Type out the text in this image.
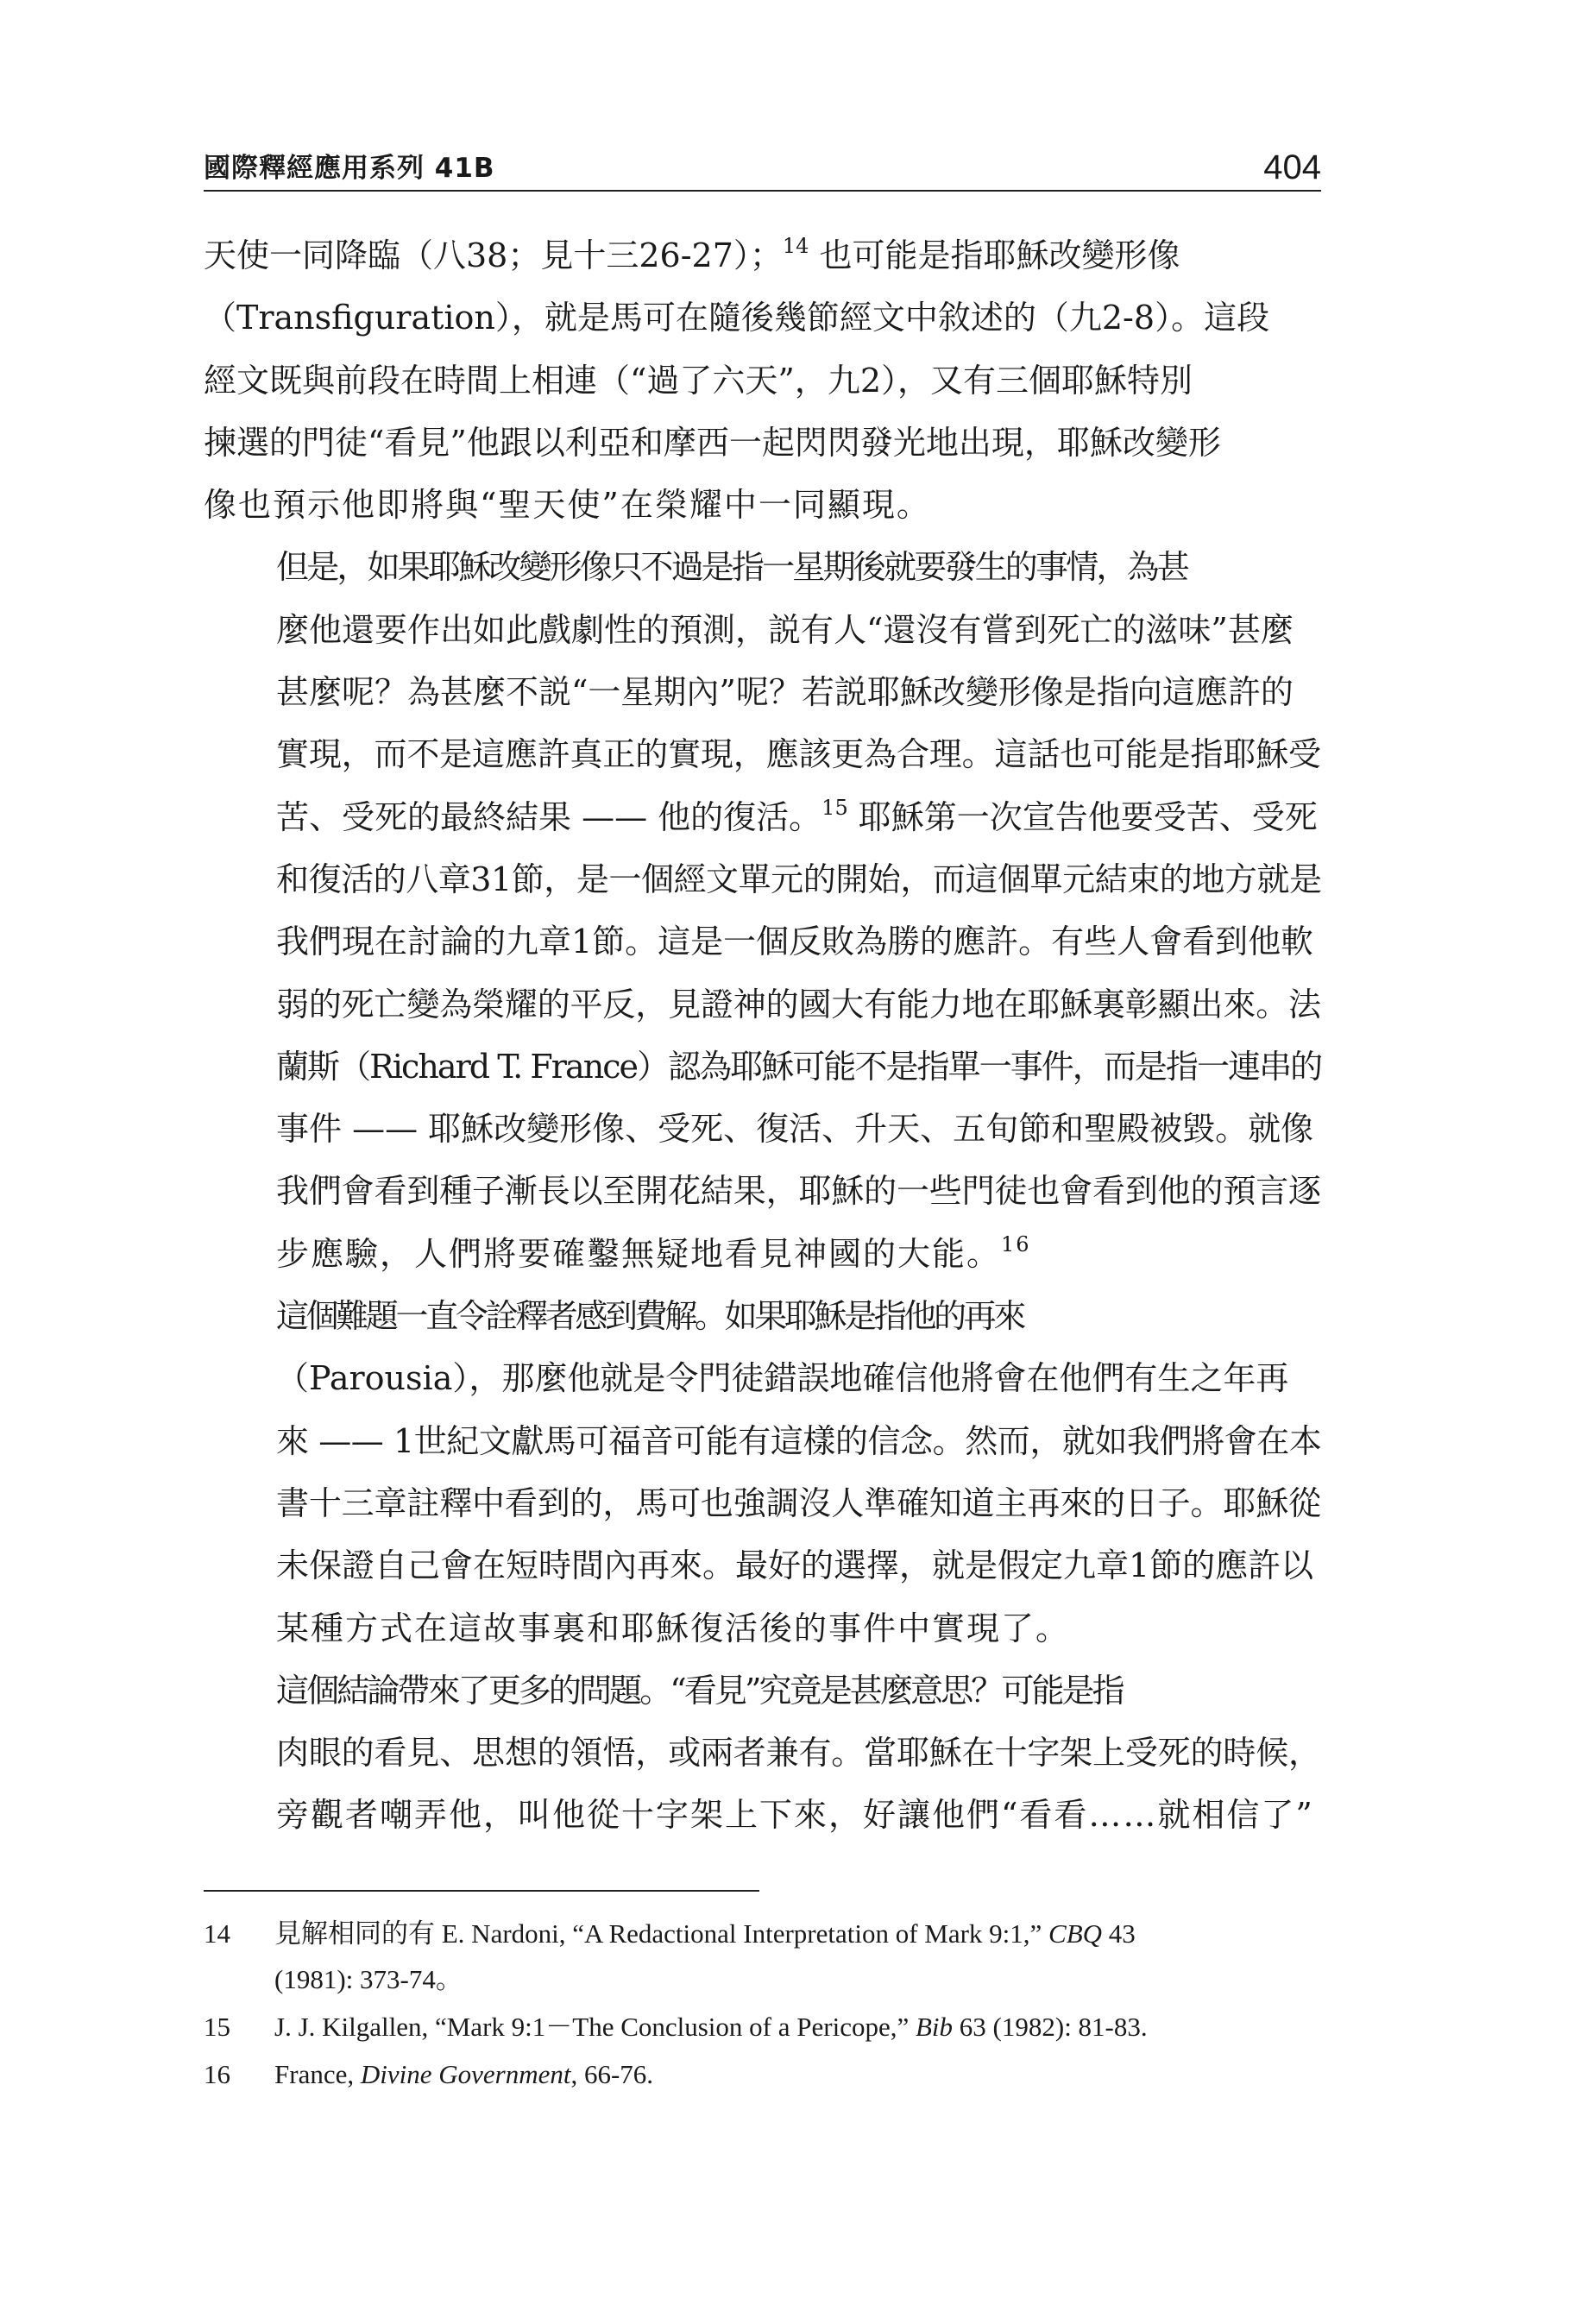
國際釋經應用系列 41B	404
天使一同降臨（八38；見十三26-27）；$^{14}$ 也可能是指耶穌改變形像
（Transfiguration），就是馬可在隨後幾節經文中敘述的（九2-8）。這段
經文既與前段在時間上相連（“過了六天”，九2），又有三個耶穌特別
揀選的門徒“看見”他跟以利亞和摩西一起閃閃發光地出現，耶穌改變形
像也預示他即將與“聖天使”在榮耀中一同顯現。
但是，如果耶穌改變形像只不過是指一星期後就要發生的事情，為甚
麼他還要作出如此戲劇性的預測，説有人“還沒有嘗到死亡的滋味”甚麼
甚麼呢？為甚麼不説“一星期內”呢？若説耶穌改變形像是指向這應許的
實現，而不是這應許真正的實現，應該更為合理。這話也可能是指耶穌受
苦、受死的最終結果 —— 他的復活。$^{15}$ 耶穌第一次宣告他要受苦、受死
和復活的八章31節，是一個經文單元的開始，而這個單元結束的地方就是
我們現在討論的九章1節。這是一個反敗為勝的應許。有些人會看到他軟
弱的死亡變為榮耀的平反，見證神的國大有能力地在耶穌裏彰顯出來。法
蘭斯（Richard T. France）認為耶穌可能不是指單一事件，而是指一連串的
事件 —— 耶穌改變形像、受死、復活、升天、五旬節和聖殿被毀。就像
我們會看到種子漸長以至開花結果，耶穌的一些門徒也會看到他的預言逐
步應驗，人們將要確鑿無疑地看見神國的大能。$^{16}$
這個難題一直令詮釋者感到費解。如果耶穌是指他的再來
（Parousia），那麼他就是令門徒錯誤地確信他將會在他們有生之年再
來 —— 1世紀文獻馬可福音可能有這樣的信念。然而，就如我們將會在本
書十三章註釋中看到的，馬可也強調沒人準確知道主再來的日子。耶穌從
未保證自己會在短時間內再來。最好的選擇，就是假定九章1節的應許以
某種方式在這故事裏和耶穌復活後的事件中實現了。
這個結論帶來了更多的問題。“看見”究竟是甚麼意思？可能是指
肉眼的看見、思想的領悟，或兩者兼有。當耶穌在十字架上受死的時候，
旁觀者嘲弄他，叫他從十字架上下來，好讓他們“看看……就相信了”
14	見解相同的有 E. Nardoni, “A Redactional Interpretation of Mark 9:1,” CBQ 43
(1981): 373-74。
15	J. J. Kilgallen, “Mark 9:1－The Conclusion of a Pericope,” Bib 63 (1982): 81-83.
16	France, Divine Government, 66-76.
